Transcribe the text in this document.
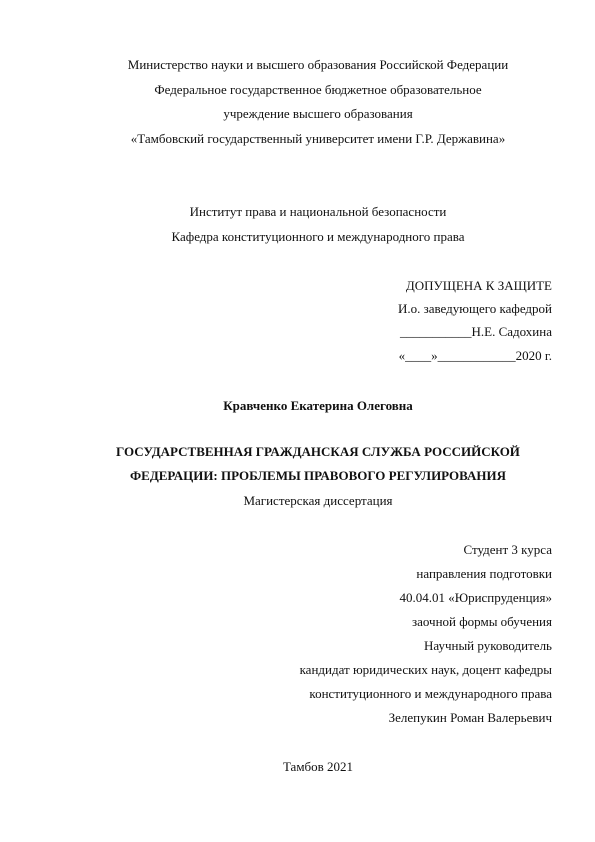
Министерство науки и высшего образования Российской Федерации
Федеральное государственное бюджетное образовательное
учреждение высшего образования
«Тамбовский государственный университет имени Г.Р. Державина»
Институт права и национальной безопасности
Кафедра конституционного и международного права
ДОПУЩЕНА К ЗАЩИТЕ
И.о. заведующего кафедрой
___________Н.Е. Садохина
«____»____________2020 г.
Кравченко Екатерина Олеговна
ГОСУДАРСТВЕННАЯ ГРАЖДАНСКАЯ СЛУЖБА РОССИЙСКОЙ
ФЕДЕРАЦИИ: ПРОБЛЕМЫ ПРАВОВОГО РЕГУЛИРОВАНИЯ
Магистерская диссертация
Студент 3 курса
направления подготовки
40.04.01 «Юриспруденция»
заочной формы обучения
Научный руководитель
кандидат юридических наук, доцент кафедры
конституционного и международного права
Зелепукин Роман Валерьевич
Тамбов 2021
